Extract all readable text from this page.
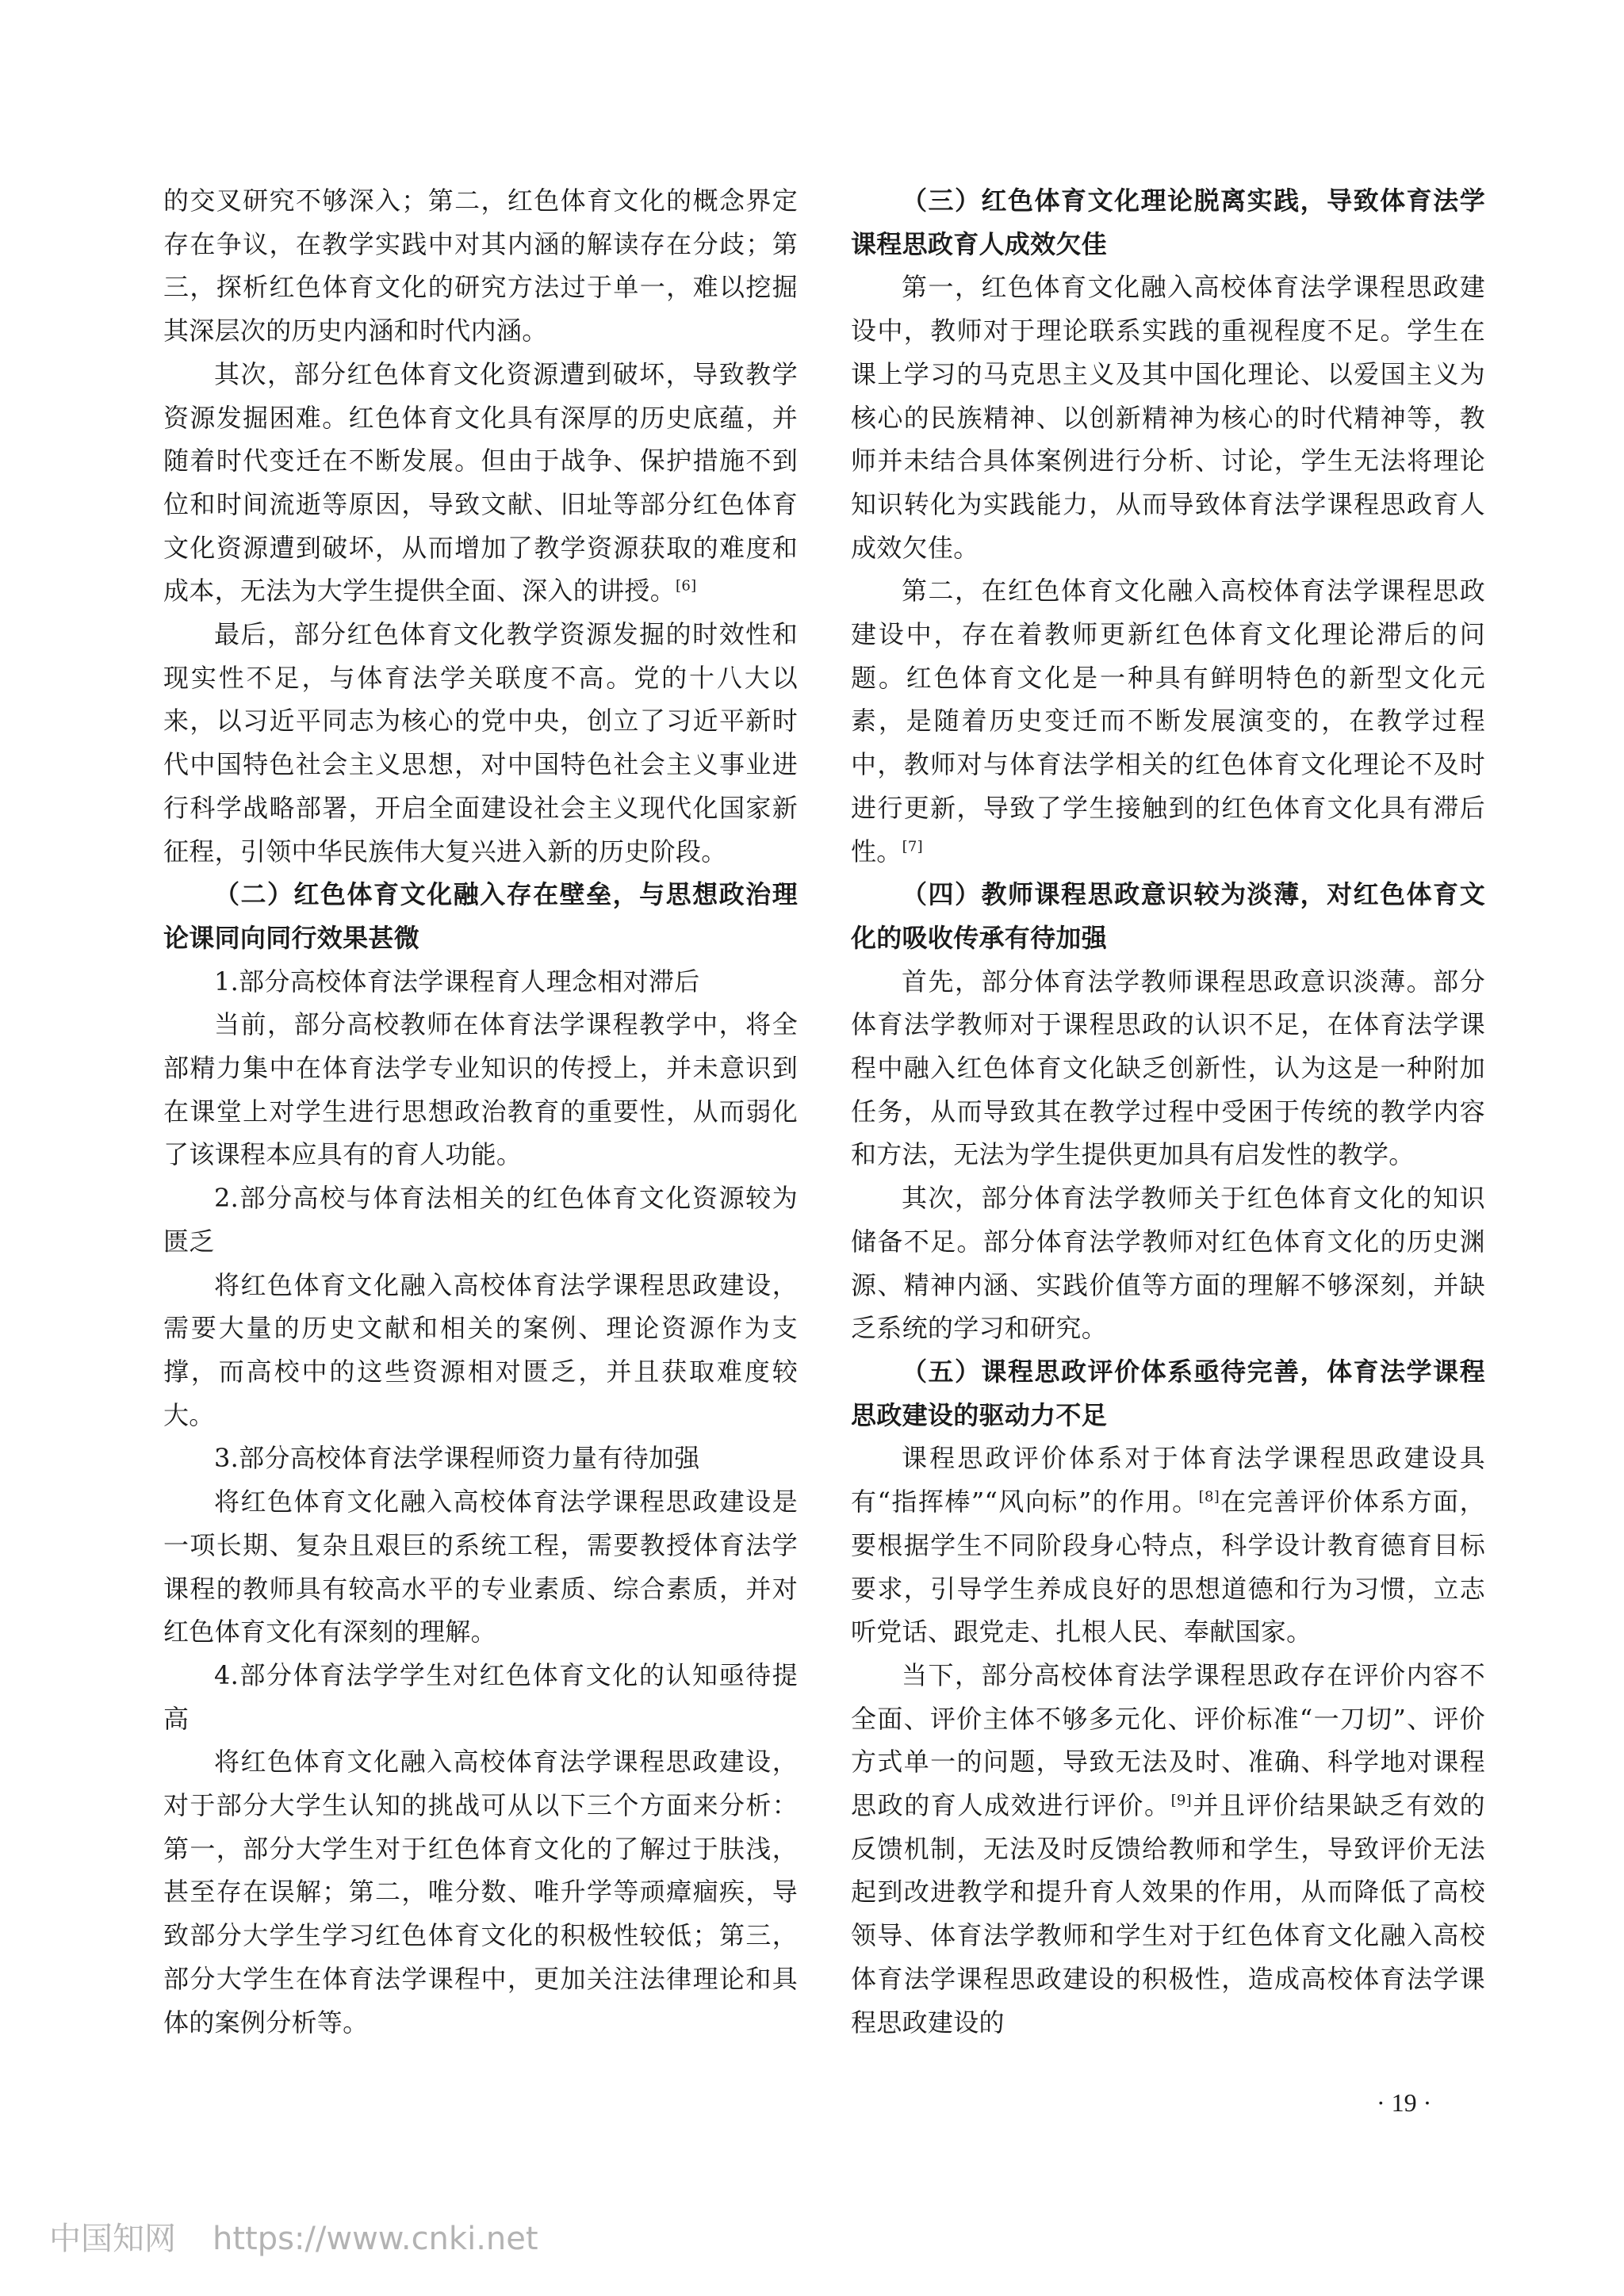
的交叉研究不够深入；第二，红色体育文化的概念界定存在争议，在教学实践中对其内涵的解读存在分歧；第三，探析红色体育文化的研究方法过于单一，难以挖掘其深层次的历史内涵和时代内涵。

其次，部分红色体育文化资源遭到破坏，导致教学资源发掘困难。红色体育文化具有深厚的历史底蕴，并随着时代变迁在不断发展。但由于战争、保护措施不到位和时间流逝等原因，导致文献、旧址等部分红色体育文化资源遭到破坏，从而增加了教学资源获取的难度和成本，无法为大学生提供全面、深入的讲授。[6]

最后，部分红色体育文化教学资源发掘的时效性和现实性不足，与体育法学关联度不高。党的十八大以来，以习近平同志为核心的党中央，创立了习近平新时代中国特色社会主义思想，对中国特色社会主义事业进行科学战略部署，开启全面建设社会主义现代化国家新征程，引领中华民族伟大复兴进入新的历史阶段。

（二）红色体育文化融入存在壁垒，与思想政治理论课同向同行效果甚微
1.部分高校体育法学课程育人理念相对滞后

当前，部分高校教师在体育法学课程教学中，将全部精力集中在体育法学专业知识的传授上，并未意识到在课堂上对学生进行思想政治教育的重要性，从而弱化了该课程本应具有的育人功能。

2.部分高校与体育法相关的红色体育文化资源较为匮乏

将红色体育文化融入高校体育法学课程思政建设，需要大量的历史文献和相关的案例、理论资源作为支撑，而高校中的这些资源相对匮乏，并且获取难度较大。

3.部分高校体育法学课程师资力量有待加强

将红色体育文化融入高校体育法学课程思政建设是一项长期、复杂且艰巨的系统工程，需要教授体育法学课程的教师具有较高水平的专业素质、综合素质，并对红色体育文化有深刻的理解。

4.部分体育法学学生对红色体育文化的认知亟待提高

将红色体育文化融入高校体育法学课程思政建设，对于部分大学生认知的挑战可从以下三个方面来分析：第一，部分大学生对于红色体育文化的了解过于肤浅，甚至存在误解；第二，唯分数、唯升学等顽瘴痼疾，导致部分大学生学习红色体育文化的积极性较低；第三，部分大学生在体育法学课程中，更加关注法律理论和具体的案例分析等。

（三）红色体育文化理论脱离实践，导致体育法学课程思政育人成效欠佳

第一，红色体育文化融入高校体育法学课程思政建设中，教师对于理论联系实践的重视程度不足。学生在课上学习的马克思主义及其中国化理论、以爱国主义为核心的民族精神、以创新精神为核心的时代精神等，教师并未结合具体案例进行分析、讨论，学生无法将理论知识转化为实践能力，从而导致体育法学课程思政育人成效欠佳。

第二，在红色体育文化融入高校体育法学课程思政建设中，存在着教师更新红色体育文化理论滞后的问题。红色体育文化是一种具有鲜明特色的新型文化元素，是随着历史变迁而不断发展演变的，在教学过程中，教师对与体育法学相关的红色体育文化理论不及时进行更新，导致了学生接触到的红色体育文化具有滞后性。[7]

（四）教师课程思政意识较为淡薄，对红色体育文化的吸收传承有待加强

首先，部分体育法学教师课程思政意识淡薄。部分体育法学教师对于课程思政的认识不足，在体育法学课程中融入红色体育文化缺乏创新性，认为这是一种附加任务，从而导致其在教学过程中受困于传统的教学内容和方法，无法为学生提供更加具有启发性的教学。

其次，部分体育法学教师关于红色体育文化的知识储备不足。部分体育法学教师对红色体育文化的历史渊源、精神内涵、实践价值等方面的理解不够深刻，并缺乏系统的学习和研究。

（五）课程思政评价体系亟待完善，体育法学课程思政建设的驱动力不足

课程思政评价体系对于体育法学课程思政建设具有“指挥棒”“风向标”的作用。[8]在完善评价体系方面，要根据学生不同阶段身心特点，科学设计教育德育目标要求，引导学生养成良好的思想道德和行为习惯，立志听党话、跟党走、扎根人民、奉献国家。

当下，部分高校体育法学课程思政存在评价内容不全面、评价主体不够多元化、评价标准“一刀切”、评价方式单一的问题，导致无法及时、准确、科学地对课程思政的育人成效进行评价。[9]并且评价结果缺乏有效的反馈机制，无法及时反馈给教师和学生，导致评价无法起到改进教学和提升育人效果的作用，从而降低了高校领导、体育法学教师和学生对于红色体育文化融入高校体育法学课程思政建设的积极性，造成高校体育法学课程思政建设的

· 19 ·
中国知网 https://www.cnki.net
